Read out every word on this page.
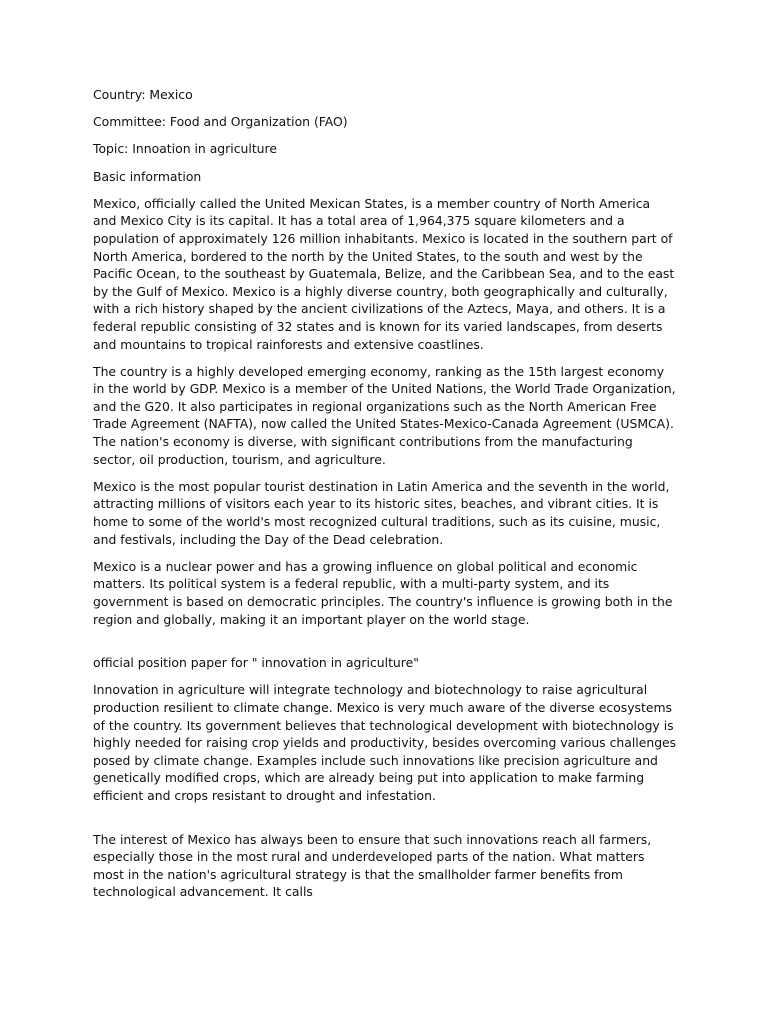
Country: Mexico

Committee: Food and Organization (FAO)

Topic: Innoation in agriculture

Basic information

Mexico, officially called the United Mexican States, is a member country of North America and Mexico City is its capital. It has a total area of 1,964,375 square kilometers and a population of approximately 126 million inhabitants. Mexico is located in the southern part of North America, bordered to the north by the United States, to the south and west by the Pacific Ocean, to the southeast by Guatemala, Belize, and the Caribbean Sea, and to the east by the Gulf of Mexico. Mexico is a highly diverse country, both geographically and culturally, with a rich history shaped by the ancient civilizations of the Aztecs, Maya, and others. It is a federal republic consisting of 32 states and is known for its varied landscapes, from deserts and mountains to tropical rainforests and extensive coastlines.

The country is a highly developed emerging economy, ranking as the 15th largest economy in the world by GDP. Mexico is a member of the United Nations, the World Trade Organization, and the G20. It also participates in regional organizations such as the North American Free Trade Agreement (NAFTA), now called the United States-Mexico-Canada Agreement (USMCA). The nation's economy is diverse, with significant contributions from the manufacturing sector, oil production, tourism, and agriculture.

Mexico is the most popular tourist destination in Latin America and the seventh in the world, attracting millions of visitors each year to its historic sites, beaches, and vibrant cities. It is home to some of the world's most recognized cultural traditions, such as its cuisine, music, and festivals, including the Day of the Dead celebration.

Mexico is a nuclear power and has a growing influence on global political and economic matters. Its political system is a federal republic, with a multi-party system, and its government is based on democratic principles. The country's influence is growing both in the region and globally, making it an important player on the world stage.

official position paper for " innovation in agriculture"

Innovation in agriculture will integrate technology and biotechnology to raise agricultural production resilient to climate change. Mexico is very much aware of the diverse ecosystems of the country. Its government believes that technological development with biotechnology is highly needed for raising crop yields and productivity, besides overcoming various challenges posed by climate change. Examples include such innovations like precision agriculture and genetically modified crops, which are already being put into application to make farming efficient and crops resistant to drought and infestation.

The interest of Mexico has always been to ensure that such innovations reach all farmers, especially those in the most rural and underdeveloped parts of the nation. What matters most in the nation's agricultural strategy is that the smallholder farmer benefits from technological advancement. It calls
